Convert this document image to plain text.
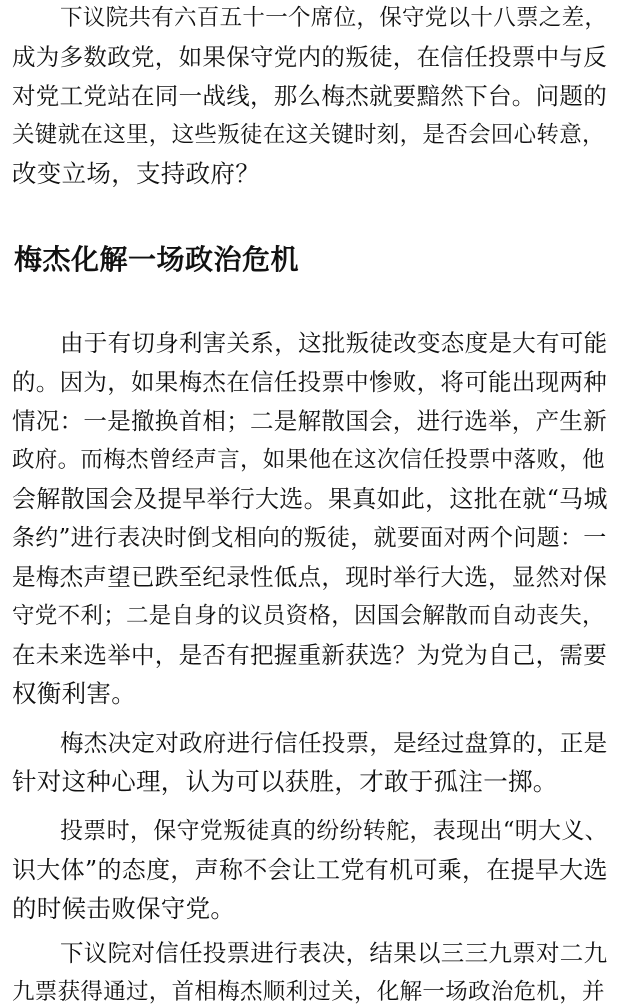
下议院共有六百五十一个席位，保守党以十八票之差，
成为多数政党，如果保守党内的叛徒，在信任投票中与反
对党工党站在同一战线，那么梅杰就要黯然下台。问题的
关键就在这里，这些叛徒在这关键时刻，是否会回心转意，
改变立场，支持政府？
梅杰化解一场政治危机
由于有切身利害关系，这批叛徒改变态度是大有可能
的。因为，如果梅杰在信任投票中惨败，将可能出现两种
情况：一是撤换首相；二是解散国会，进行选举，产生新
政府。而梅杰曾经声言，如果他在这次信任投票中落败，他
会解散国会及提早举行大选。果真如此，这批在就“马城
条约”进行表决时倒戈相向的叛徒，就要面对两个问题：一
是梅杰声望已跌至纪录性低点，现时举行大选，显然对保
守党不利；二是自身的议员资格，因国会解散而自动丧失，
在未来选举中，是否有把握重新获选？为党为自己，需要
权衡利害。
梅杰决定对政府进行信任投票，是经过盘算的，正是
针对这种心理，认为可以获胜，才敢于孤注一掷。
投票时，保守党叛徒真的纷纷转舵，表现出“明大义、
识大体”的态度，声称不会让工党有机可乘，在提早大选
的时候击败保守党。
下议院对信任投票进行表决，结果以三三九票对二九
九票获得通过，首相梅杰顺利过关，化解一场政治危机，并
